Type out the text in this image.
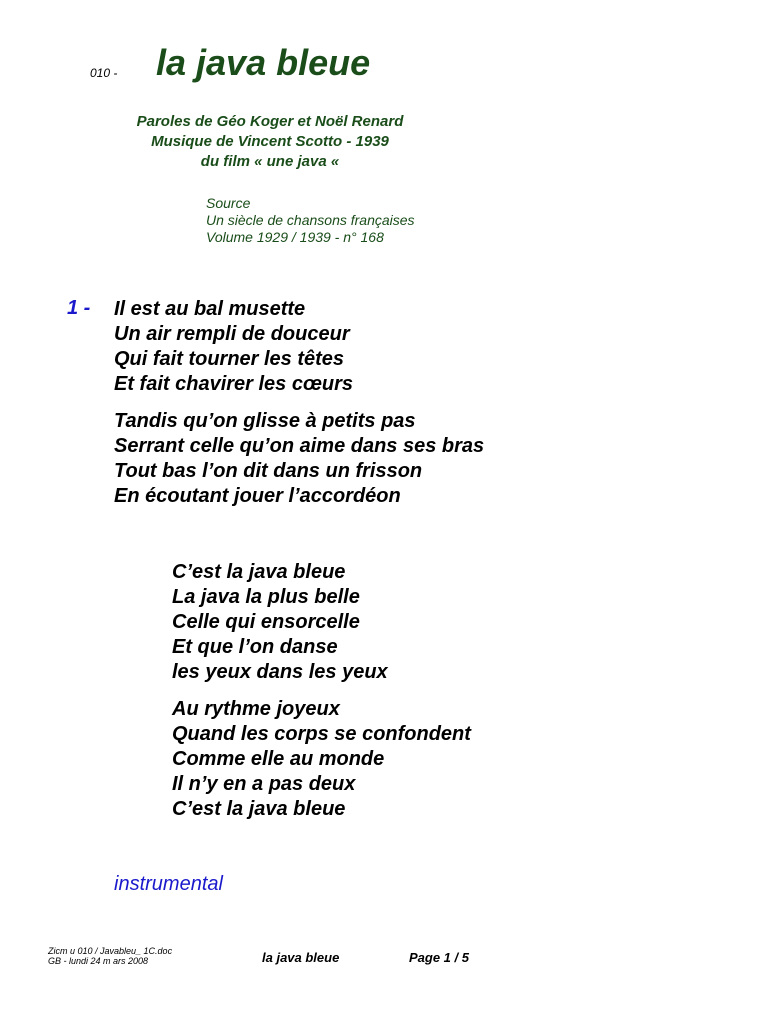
010 - la java bleue
Paroles de Géo Koger et Noël Renard
Musique de Vincent Scotto - 1939
du film « une java «
Source
Un siècle de chansons françaises
Volume 1929 / 1939 - n° 168
1 - Il est au bal musette
Un air rempli de douceur
Qui fait tourner les têtes
Et fait chavirer les cœurs
Tandis qu’on glisse à petits pas
Serrant celle qu’on aime dans ses bras
Tout bas l’on dit dans un frisson
En écoutant jouer l’accordéon
C’est la java bleue
La java la plus belle
Celle qui ensorcelle
Et que l’on danse
les yeux dans les yeux
Au rythme joyeux
Quand les corps se confondent
Comme elle au monde
Il n’y en a pas deux
C’est la java bleue
instrumental
Zicm u 010 / Javableu_ 1C.doc
GB - lundi 24 m ars 2008	la java bleue	Page 1 / 5
